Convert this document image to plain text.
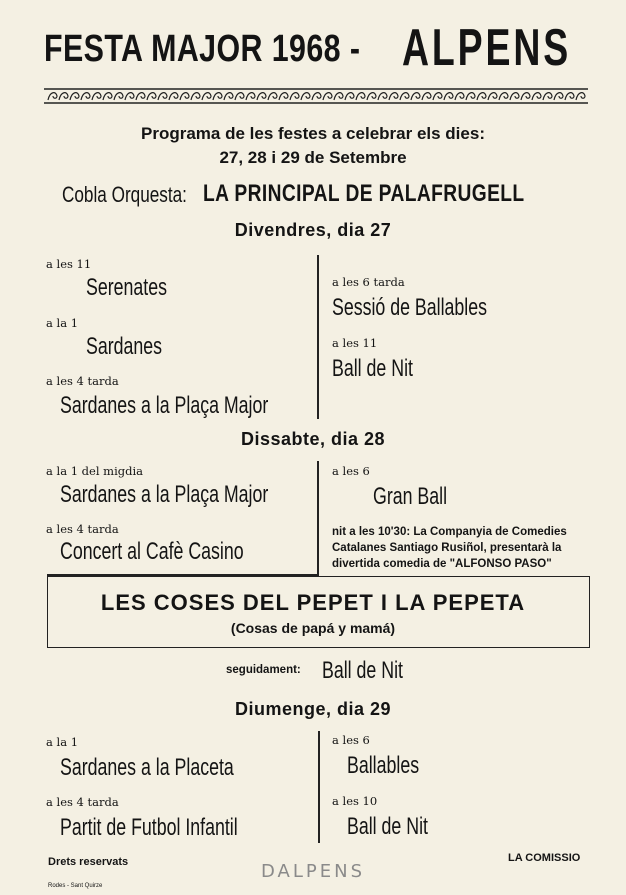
FESTA MAJOR 1968 - ALPENS
Programa de les festes a celebrar els dies:
27, 28 i 29 de Setembre
Cobla Orquesta: LA PRINCIPAL DE PALAFRUGELL
Divendres, dia 27
a les 11
Serenates
a la 1
Sardanes
a les 4 tarda
Sardanes a la Plaça Major
a les 6 tarda
Sessió de Ballables
a les 11
Ball de Nit
Dissabte, dia 28
a la 1 del migdia
Sardanes a la Plaça Major
a les 4 tarda
Concert al Cafè Casino
a les 6
Gran Ball
nit a les 10'30: La Companyia de Comedies
Catalanes Santiago Rusiñol, presentarà la
divertida comedia de "ALFONSO PASO"
LES COSES DEL PEPET I LA PEPETA
(Cosas de papá y mamá)
seguidament: Ball de Nit
Diumenge, dia 29
a la 1
Sardanes a la Placeta
a les 4 tarda
Partit de Futbol Infantil
a les 6
Ballables
a les 10
Ball de Nit
Drets reservats
Rodes - Sant Quirze
LA COMISSIO
DALPENS
